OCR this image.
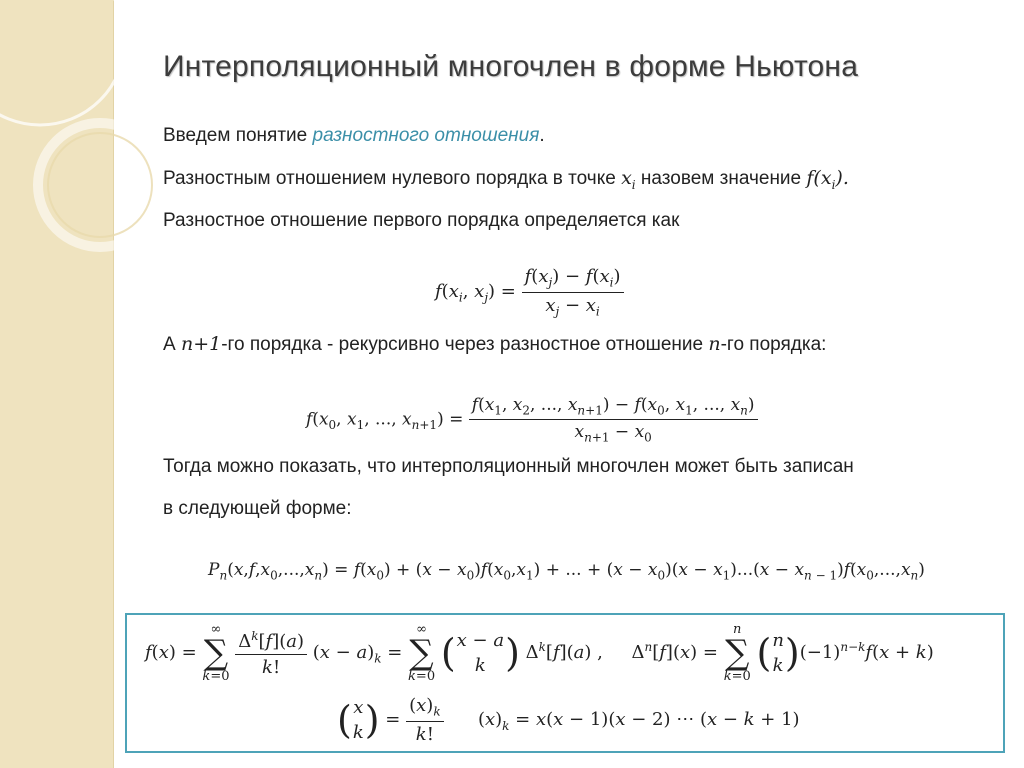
Интерполяционный многочлен в форме Ньютона
Введем понятие разностного отношения.
Разностным отношением нулевого порядка в точке $x_i$ назовем значение $f(x_i)$.
Разностное отношение первого порядка определяется как
$f(x_i$, $x_j) = \frac{f(x_j) - f(x_i)}{x_j - x_i}$
А n+1-го порядка - рекурсивно через разностное отношение n-го порядка:
$f(x_0$, $x_1$, ..., $x_{n+1}) = \frac{f(x_1, x_2, ..., x_{n+1}) - f(x_0, x_1, ..., x_n)}{x_{n+1} - x_0}$
Тогда можно показать, что интерполяционный многочлен может быть записан
в следующей форме:
$P_n(x,f,x_0,...,x_n) = f(x_0) + (x - x_0)f(x_0,x_1)$ + ... + $(x - x_0)(x - x_1)...(x - x_n$ $_{- 1})f(x_0,...,x_n)$
f(x) =
∞
∑
k=0
$\frac{\Delta^k[f](a)}{k!} (x - a)_k$ =
∞
∑
k=0

( x − a
k ) $\Delta^k[f](a)$ ,     $\Delta^n[f](x)$ =
n
∑
k=0

( n
k ) $(-1)^{n-k}f(x + k)$
( x
k ) = $\frac{(x)_k}{k!} (x)_k = x(x - 1)(x - 2)$ ⋯ (x − k + 1)
